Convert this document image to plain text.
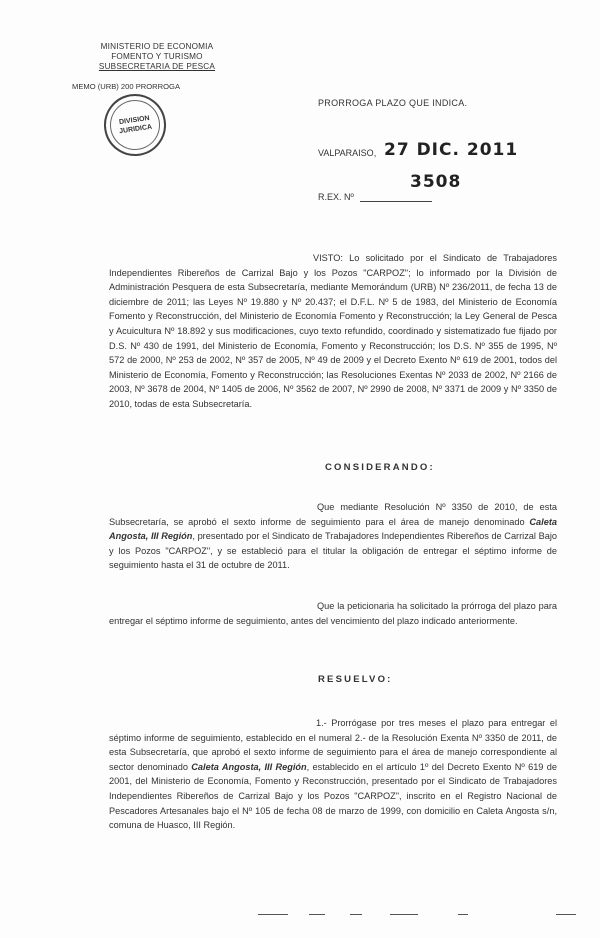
MINISTERIO DE ECONOMIA
FOMENTO Y TURISMO
SUBSECRETARIA DE PESCA
MEMO (URB) 200 PRORROGA
DIVISION
JURIDICA
PRORROGA PLAZO QUE INDICA.
VALPARAISO, 27 DIC. 2011
3508
R.EX. Nº
VISTO: Lo solicitado por el Sindicato de Trabajadores Independientes Ribereños de Carrizal Bajo y los Pozos "CARPOZ"; lo informado por la División de Administración Pesquera de esta Subsecretaría, mediante Memorándum (URB) Nº 236/2011, de fecha 13 de diciembre de 2011; las Leyes Nº 19.880 y Nº 20.437; el D.F.L. Nº 5 de 1983, del Ministerio de Economía Fomento y Reconstrucción, del Ministerio de Economía Fomento y Reconstrucción; la Ley General de Pesca y Acuicultura Nº 18.892 y sus modificaciones, cuyo texto refundido, coordinado y sistematizado fue fijado por D.S. Nº 430 de 1991, del Ministerio de Economía, Fomento y Reconstrucción; los D.S. Nº 355 de 1995, Nº 572 de 2000, Nº 253 de 2002, Nº 357 de 2005, Nº 49 de 2009 y el Decreto Exento Nº 619 de 2001, todos del Ministerio de Economía, Fomento y Reconstrucción; las Resoluciones Exentas Nº 2033 de 2002, Nº 2166 de 2003, Nº 3678 de 2004, Nº 1405 de 2006, Nº 3562 de 2007, Nº 2990 de 2008, Nº 3371 de 2009 y Nº 3350 de 2010, todas de esta Subsecretaría.
CONSIDERANDO:
Que mediante Resolución Nº 3350 de 2010, de esta Subsecretaría, se aprobó el sexto informe de seguimiento para el área de manejo denominado Caleta Angosta, III Región, presentado por el Sindicato de Trabajadores Independientes Ribereños de Carrizal Bajo y los Pozos "CARPOZ", y se estableció para el titular la obligación de entregar el séptimo informe de seguimiento hasta el 31 de octubre de 2011.
Que la peticionaria ha solicitado la prórroga del plazo para entregar el séptimo informe de seguimiento, antes del vencimiento del plazo indicado anteriormente.
RESUELVO:
1.- Prorrógase por tres meses el plazo para entregar el séptimo informe de seguimiento, establecido en el numeral 2.- de la Resolución Exenta Nº 3350 de 2011, de esta Subsecretaría, que aprobó el sexto informe de seguimiento para el área de manejo correspondiente al sector denominado Caleta Angosta, III Región, establecido en el artículo 1º del Decreto Exento Nº 619 de 2001, del Ministerio de Economía, Fomento y Reconstrucción, presentado por el Sindicato de Trabajadores Independientes Ribereños de Carrizal Bajo y los Pozos "CARPOZ", inscrito en el Registro Nacional de Pescadores Artesanales bajo el Nº 105 de fecha 08 de marzo de 1999, con domicilio en Caleta Angosta s/n, comuna de Huasco, III Región.
